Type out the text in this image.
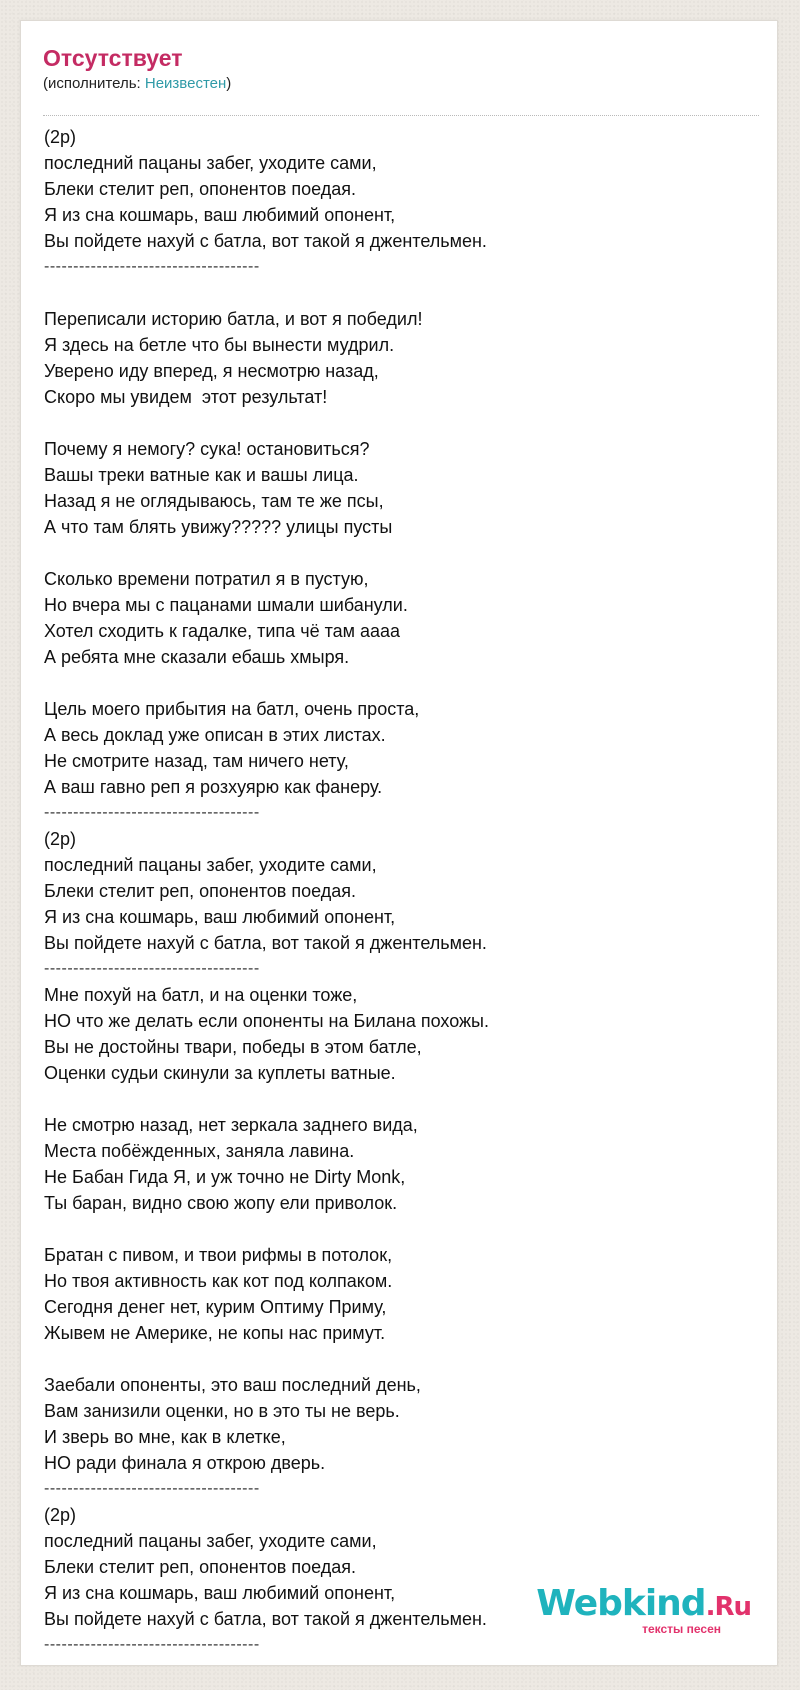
Отсутствует
(исполнитель: Неизвестен)
(2р)
последний пацаны забег, уходите сами,
Блеки стелит реп, опонентов поедая.
Я из сна кошмарь, ваш любимий опонент,
Вы пойдете нахуй с батла, вот такой я джентельмен.
-------------------------------------
Переписали историю батла, и вот я победил!
Я здесь на бетле что бы вынести мудрил.
Уверено иду вперед, я несмотрю назад,
Скоро мы увидем  этот результат!
Почему я немогу? сука! остановиться?
Вашы треки ватные как и вашы лица.
Назад я не оглядываюсь, там те же псы,
А что там блять увижу????? улицы пусты
Сколько времени потратил я в пустую,
Но вчера мы с пацанами шмали шибанули.
Хотел сходить к гадалке, типа чё там аааа
А ребята мне сказали ебашь хмыря.
Цель моего прибытия на батл, очень проста,
А весь доклад уже описан в этих листах.
Не смотрите назад, там ничего нету,
А ваш гавно реп я розхуярю как фанеру.
-------------------------------------
(2р)
последний пацаны забег, уходите сами,
Блеки стелит реп, опонентов поедая.
Я из сна кошмарь, ваш любимий опонент,
Вы пойдете нахуй с батла, вот такой я джентельмен.
-------------------------------------
Мне похуй на батл, и на оценки тоже,
НО что же делать если опоненты на Билана похожы.
Вы не достойны твари, победы в этом батле,
Оценки судьи скинули за куплеты ватные.
Не смотрю назад, нет зеркала заднего вида,
Места побёжденных, заняла лавина.
Не Бабан Гида Я, и уж точно не Dirty Monk,
Ты баран, видно свою жопу ели приволок.
Братан с пивом, и твои рифмы в потолок,
Но твоя активность как кот под колпаком.
Сегодня денег нет, курим Оптиму Приму,
Жывем не Америке, не копы нас примут.
Заебали опоненты, это ваш последний день,
Вам занизили оценки, но в это ты не верь.
И зверь во мне, как в клетке,
НО ради финала я открою дверь.
-------------------------------------
(2р)
последний пацаны забег, уходите сами,
Блеки стелит реп, опонентов поедая.
Я из сна кошмарь, ваш любимий опонент,
Вы пойдете нахуй с батла, вот такой я джентельмен.
-------------------------------------
Webkind.Ru
тексты песен
